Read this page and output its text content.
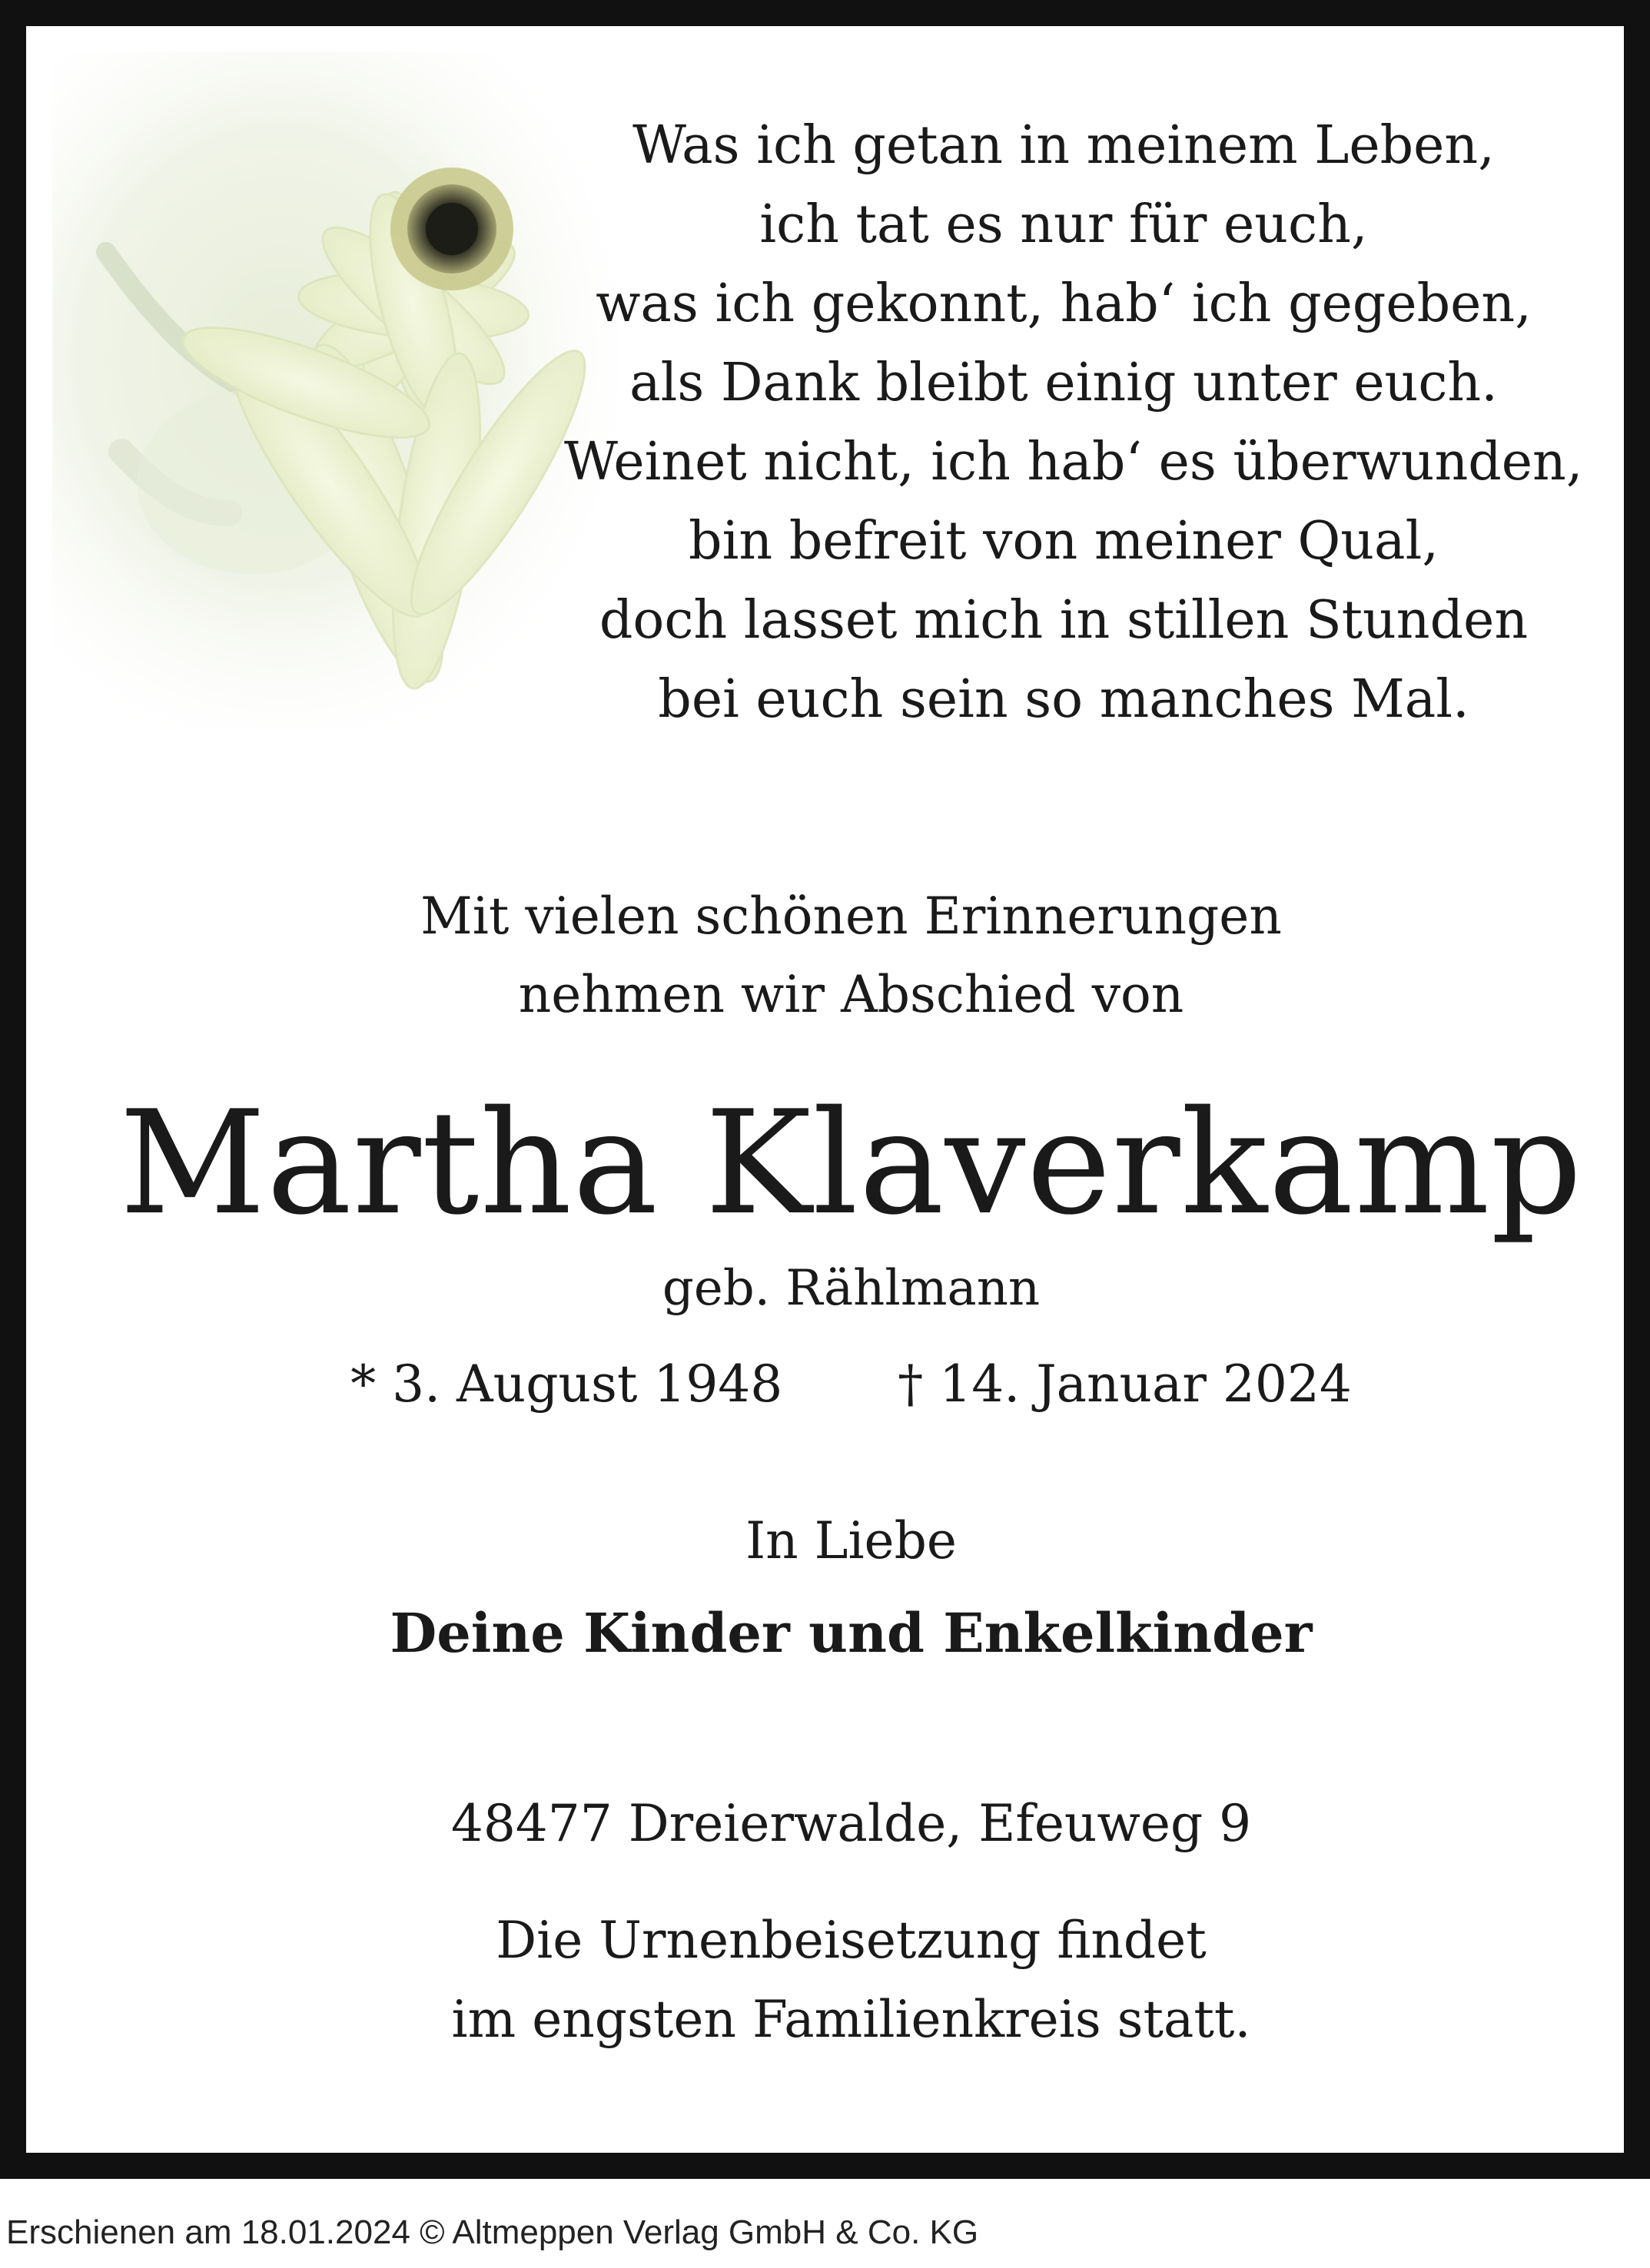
Was ich getan in meinem Leben,
ich tat es nur für euch,
was ich gekonnt, hab‘ ich gegeben,
als Dank bleibt einig unter euch.
Weinet nicht, ich hab‘ es überwunden,
bin befreit von meiner Qual,
doch lasset mich in stillen Stunden
bei euch sein so manches Mal.
Mit vielen schönen Erinnerungen
nehmen wir Abschied von
Martha Klaverkamp
geb. Rählmann
* 3. August 1948 † 14. Januar 2024
In Liebe
Deine Kinder und Enkelkinder
48477 Dreierwalde, Efeuweg 9
Die Urnenbeisetzung findet
im engsten Familienkreis statt.
Erschienen am 18.01.2024 © Altmeppen Verlag GmbH & Co. KG
